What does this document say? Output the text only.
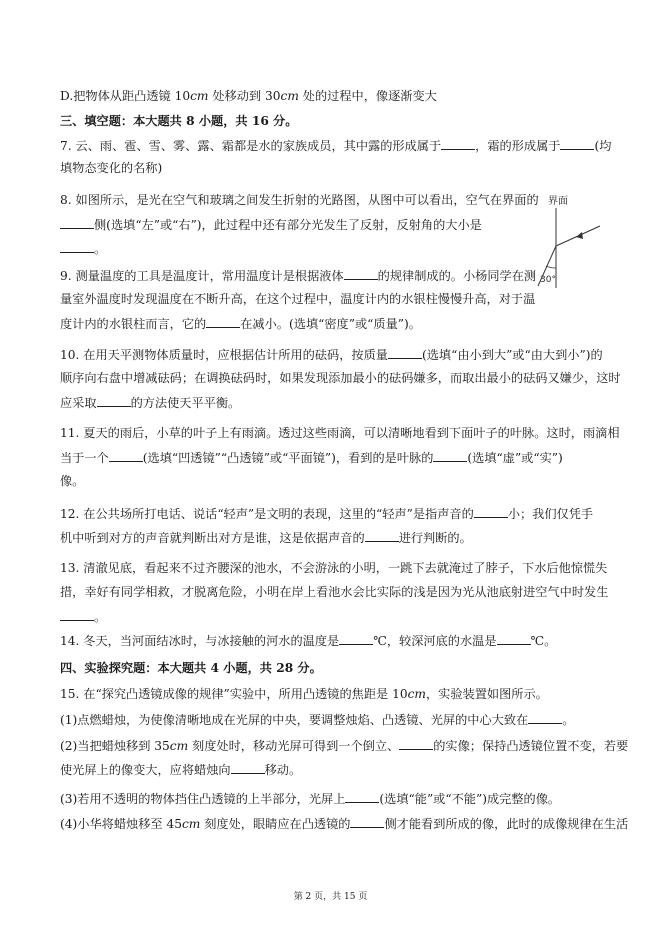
D.把物体从距凸透镜 10cm 处移动到 30cm 处的过程中，像逐渐变大
三、填空题：本大题共 8 小题，共 16 分。
7. 云、雨、雹、雪、雾、露、霜都是水的家族成员，其中露的形成属于	，霜的形成属于	(均
填物态变化的名称)
8. 如图所示，是光在空气和玻璃之间发生折射的光路图，从图中可以看出，空气在界面的
侧(选填“左”或“右”)，此过程中还有部分光发生了反射，反射角的大小是
。
9. 测量温度的工具是温度计，常用温度计是根据液体	的规律制成的。小杨同学在测
量室外温度时发现温度在不断升高，在这个过程中，温度计内的水银柱慢慢升高，对于温
度计内的水银柱而言，它的	在减小。(选填“密度”或“质量”)。
10. 在用天平测物体质量时，应根据估计所用的砝码，按质量	(选填“由小到大”或“由大到小”)的
顺序向右盘中增减砝码；在调换砝码时，如果发现添加最小的砝码嫌多，而取出最小的砝码又嫌少，这时
应采取	的方法使天平平衡。
11. 夏天的雨后，小草的叶子上有雨滴。透过这些雨滴，可以清晰地看到下面叶子的叶脉。这时，雨滴相
当于一个	(选填“凹透镜”“凸透镜”或“平面镜”)，看到的是叶脉的	(选填“虚”或“实”)
像。
12. 在公共场所打电话、说话“轻声”是文明的表现，这里的“轻声”是指声音的	小；我们仅凭手
机中听到对方的声音就判断出对方是谁，这是依据声音的	进行判断的。
13. 清澈见底，看起来不过齐腰深的池水，不会游泳的小明，一跳下去就淹过了脖子，下水后他惊慌失
措，幸好有同学相救，才脱离危险，小明在岸上看池水会比实际的浅是因为光从池底射进空气中时发生
。
14. 冬天，当河面结冰时，与冰接触的河水的温度是	℃，较深河底的水温是	℃。
四、实验探究题：本大题共 4 小题，共 28 分。
15. 在“探究凸透镜成像的规律”实验中，所用凸透镜的焦距是 10cm，实验装置如图所示。
(1)点燃蜡烛，为使像清晰地成在光屏的中央，要调整烛焰、凸透镜、光屏的中心大致在	。
(2)当把蜡烛移到 35cm 刻度处时，移动光屏可得到一个倒立、	的实像；保持凸透镜位置不变，若要
使光屏上的像变大，应将蜡烛向	移动。
(3)若用不透明的物体挡住凸透镜的上半部分，光屏上	(选填“能”或“不能”)成完整的像。
(4)小华将蜡烛移至 45cm 刻度处，眼睛应在凸透镜的	侧才能看到所成的像，此时的成像规律在生活
界面
30°
第 2 页，共 15 页
